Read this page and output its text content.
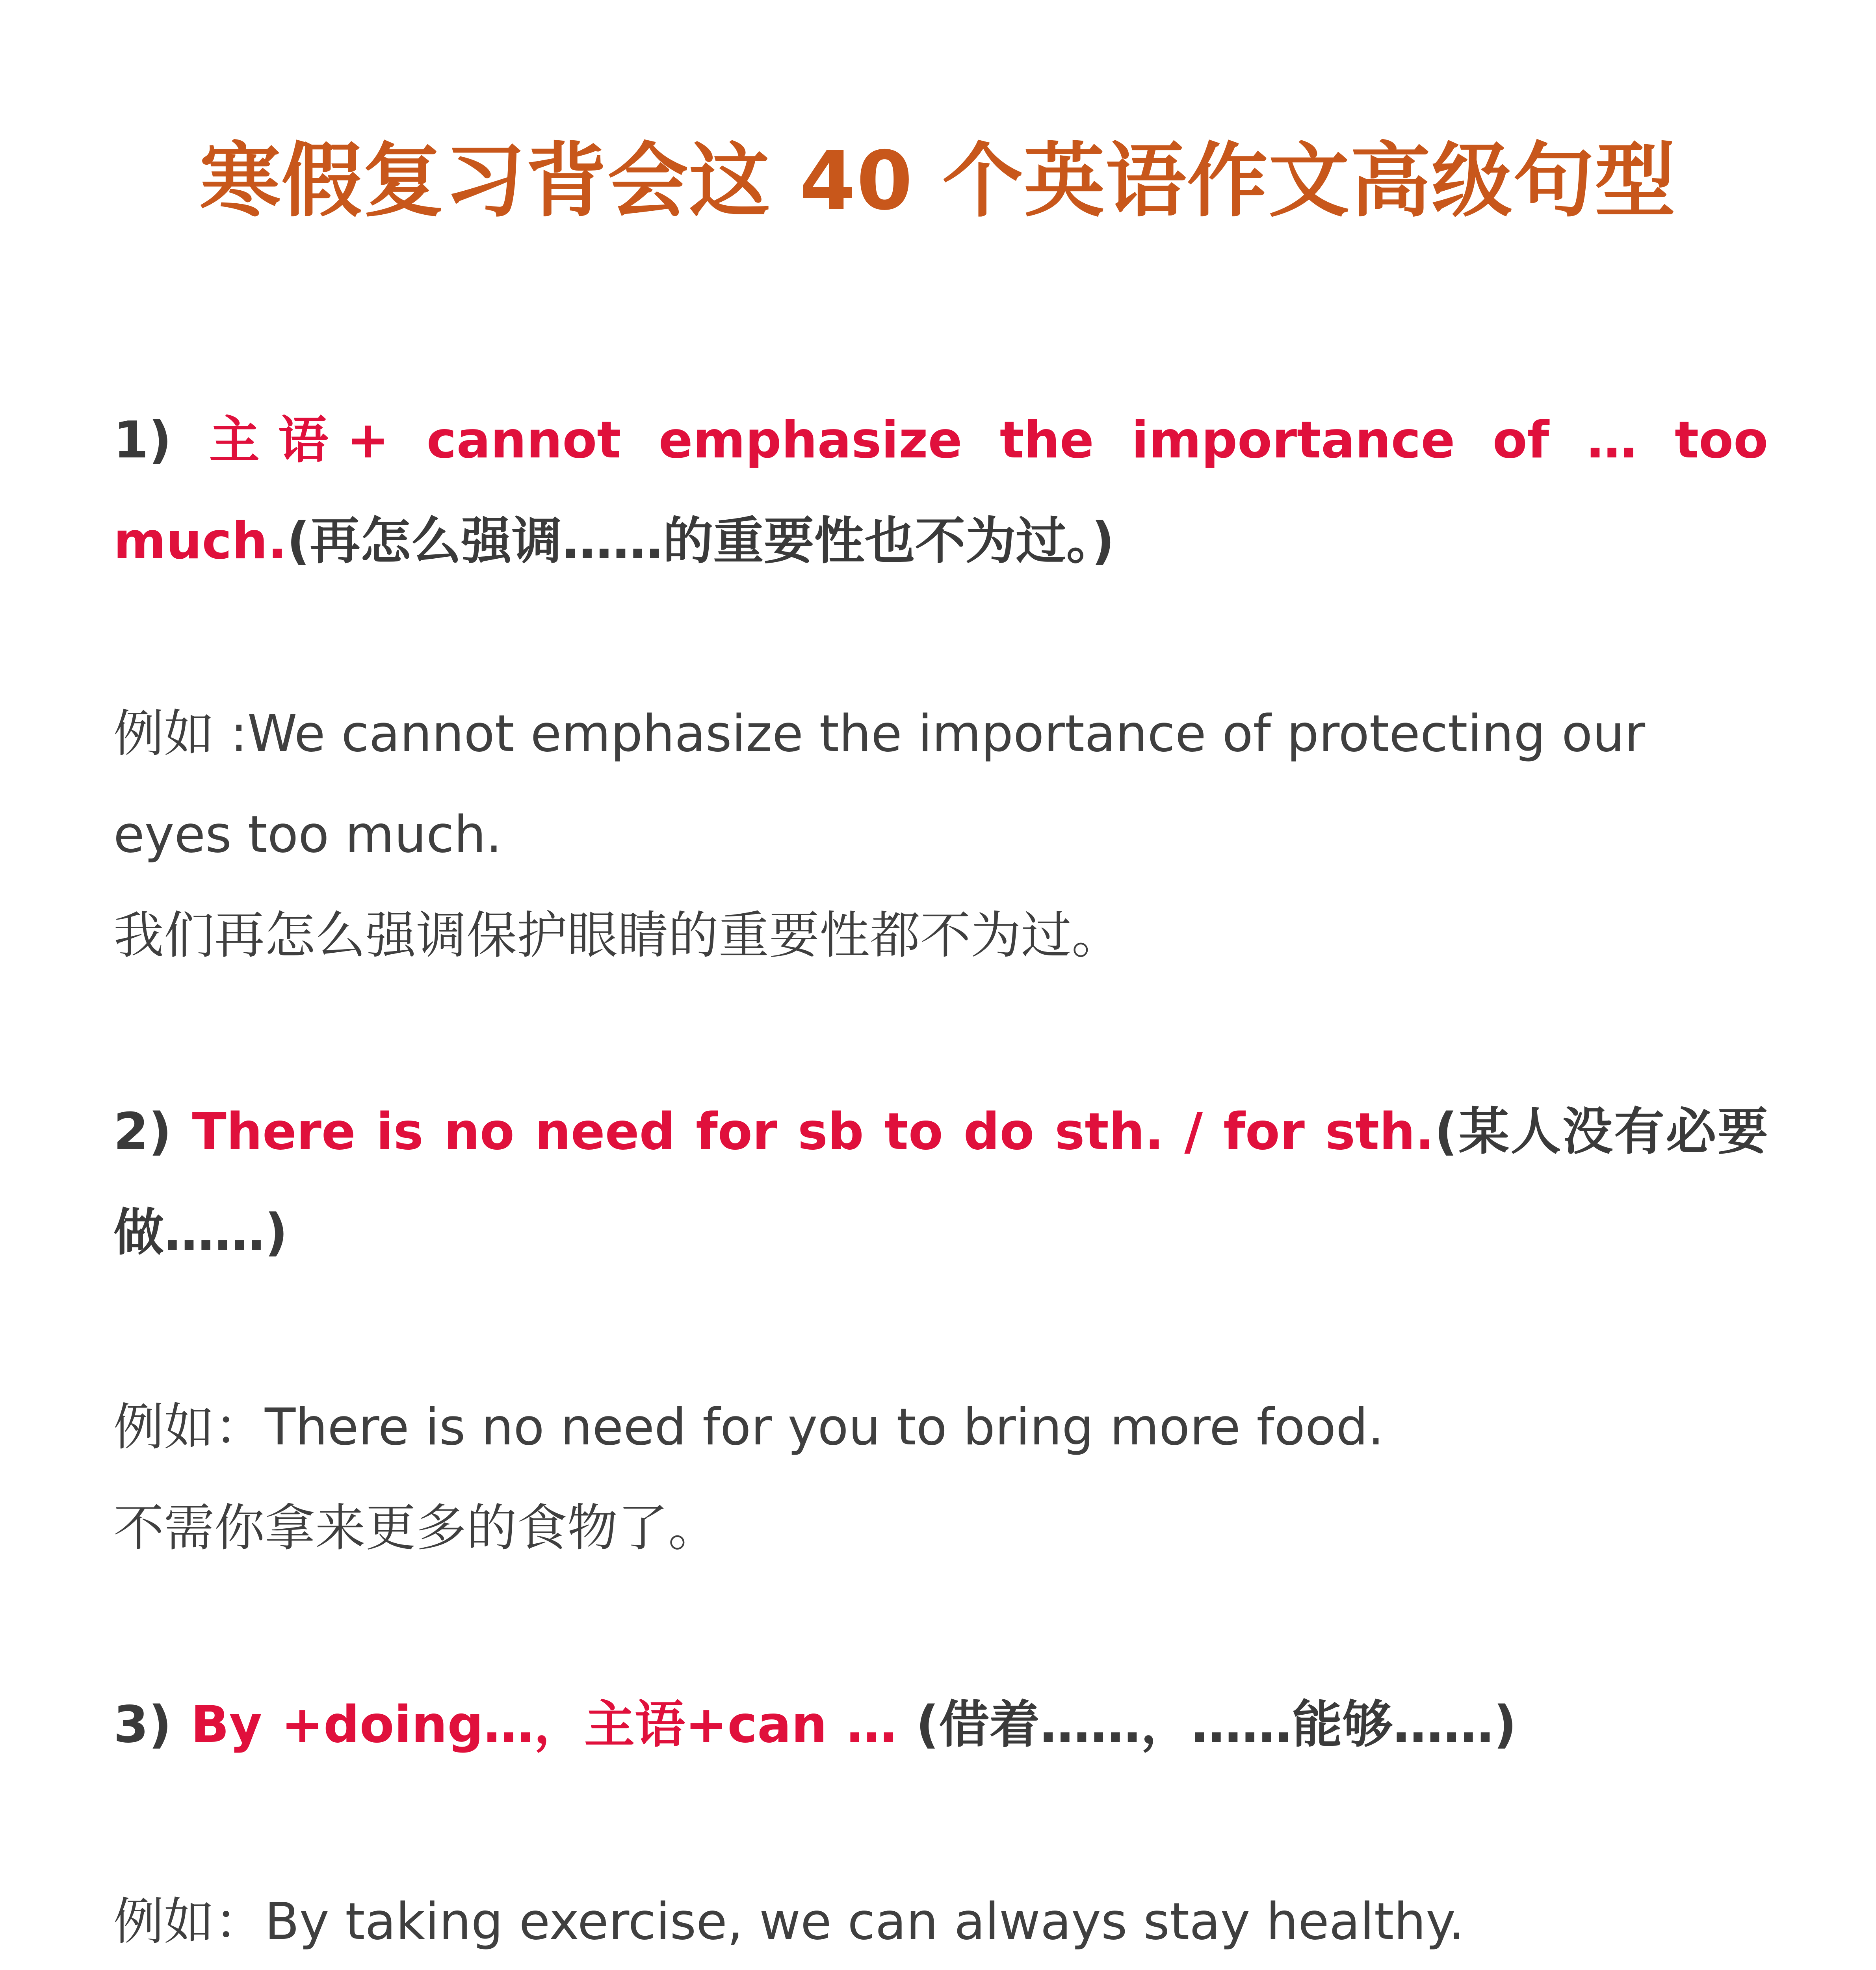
寒假复习背会这 40 个英语作文高级句型
1) 主语+ cannot emphasize the importance of … too much.(再怎么强调……的重要性也不为过。)
例如 :We cannot emphasize the importance of protecting our eyes too much.
我们再怎么强调保护眼睛的重要性都不为过。
2) There is no need for sb to do sth. / for sth.(某人没有必要做……)
例如：There is no need for you to bring more food.
不需你拿来更多的食物了。
3) By +doing…，主语+can … (借着……，……能够……)
例如：By taking exercise, we can always stay healthy.
